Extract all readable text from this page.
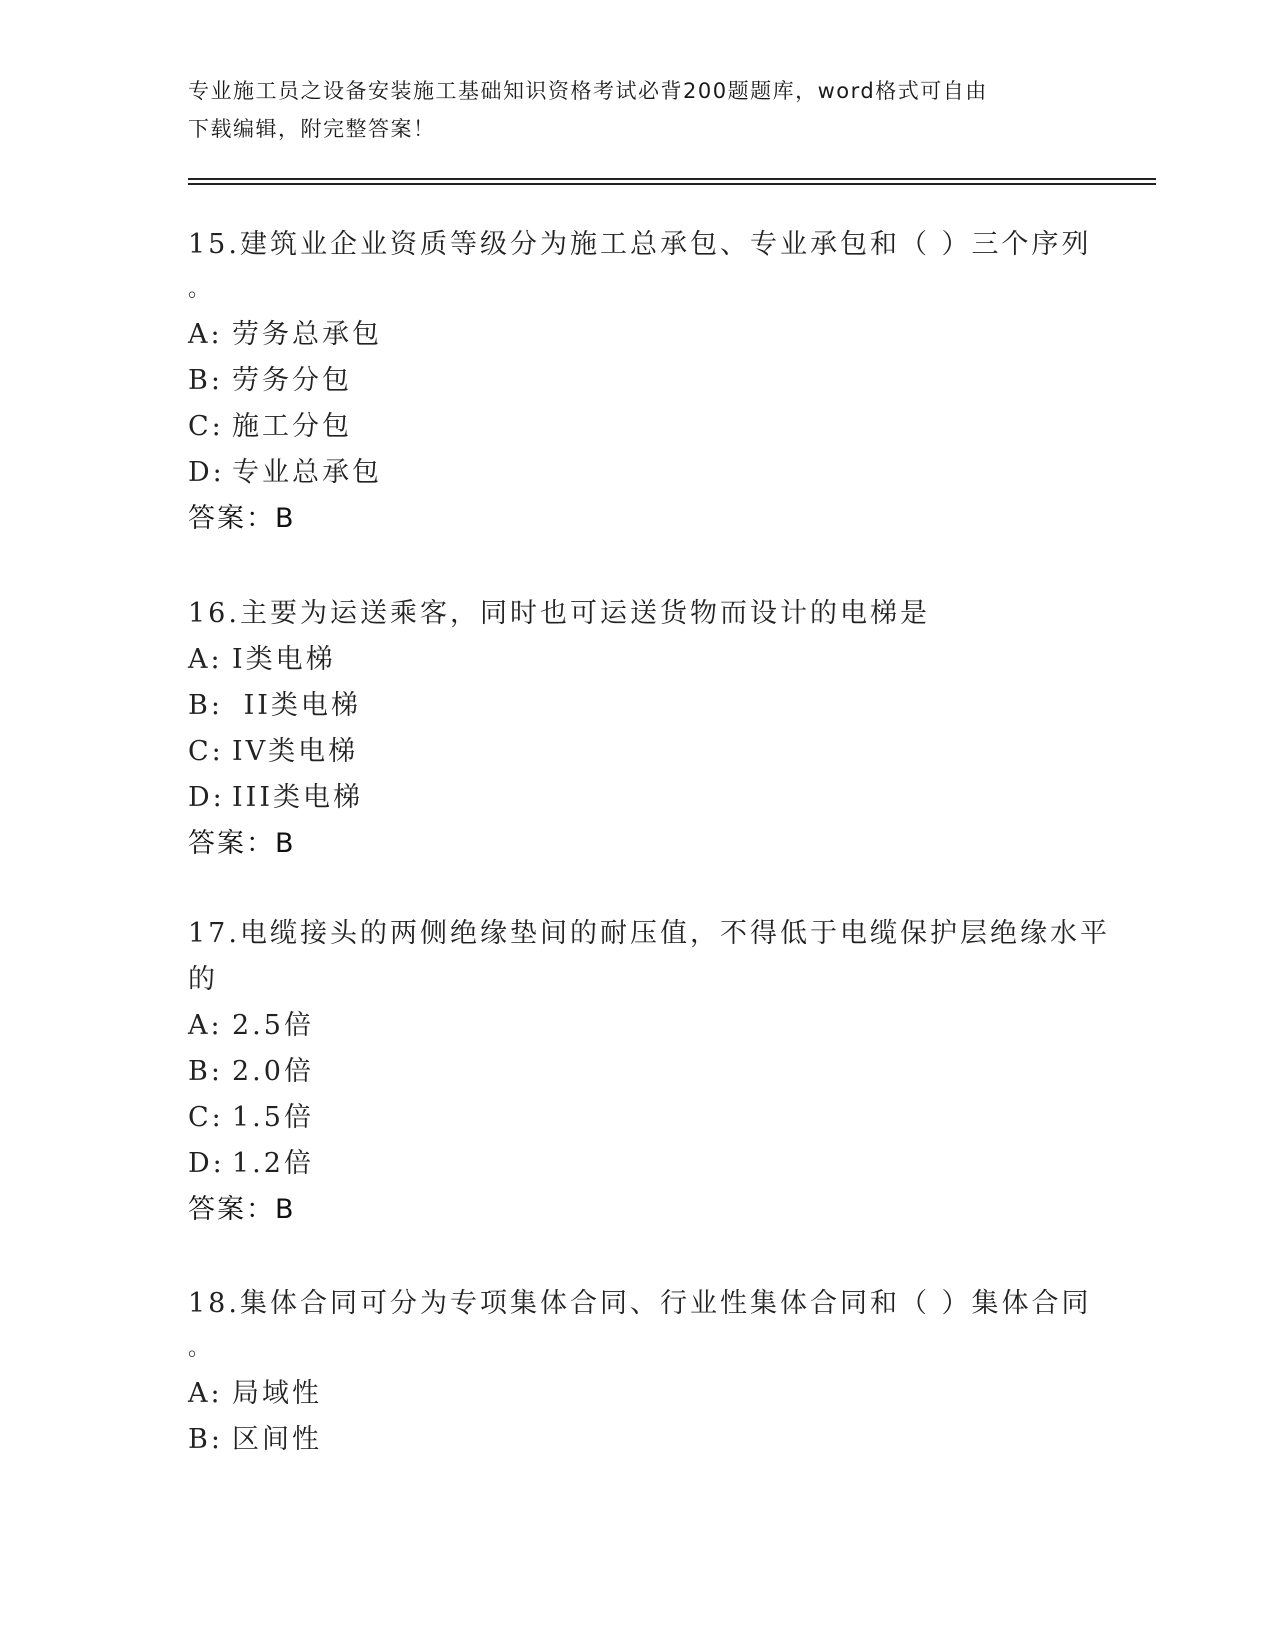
专业施工员之设备安装施工基础知识资格考试必背200题题库，word格式可自由
下载编辑，附完整答案！
15.建筑业企业资质等级分为施工总承包、专业承包和（ ）三个序列
。
A: 劳务总承包
B: 劳务分包
C: 施工分包
D: 专业总承包
答案：B
16.主要为运送乘客，同时也可运送货物而设计的电梯是
A: I类电梯
B: II类电梯
C: IV类电梯
D: III类电梯
答案：B
17.电缆接头的两侧绝缘垫间的耐压值，不得低于电缆保护层绝缘水平
的
A: 2.5倍
B: 2.0倍
C: 1.5倍
D: 1.2倍
答案：B
18.集体合同可分为专项集体合同、行业性集体合同和（ ）集体合同
。
A: 局域性
B: 区间性
